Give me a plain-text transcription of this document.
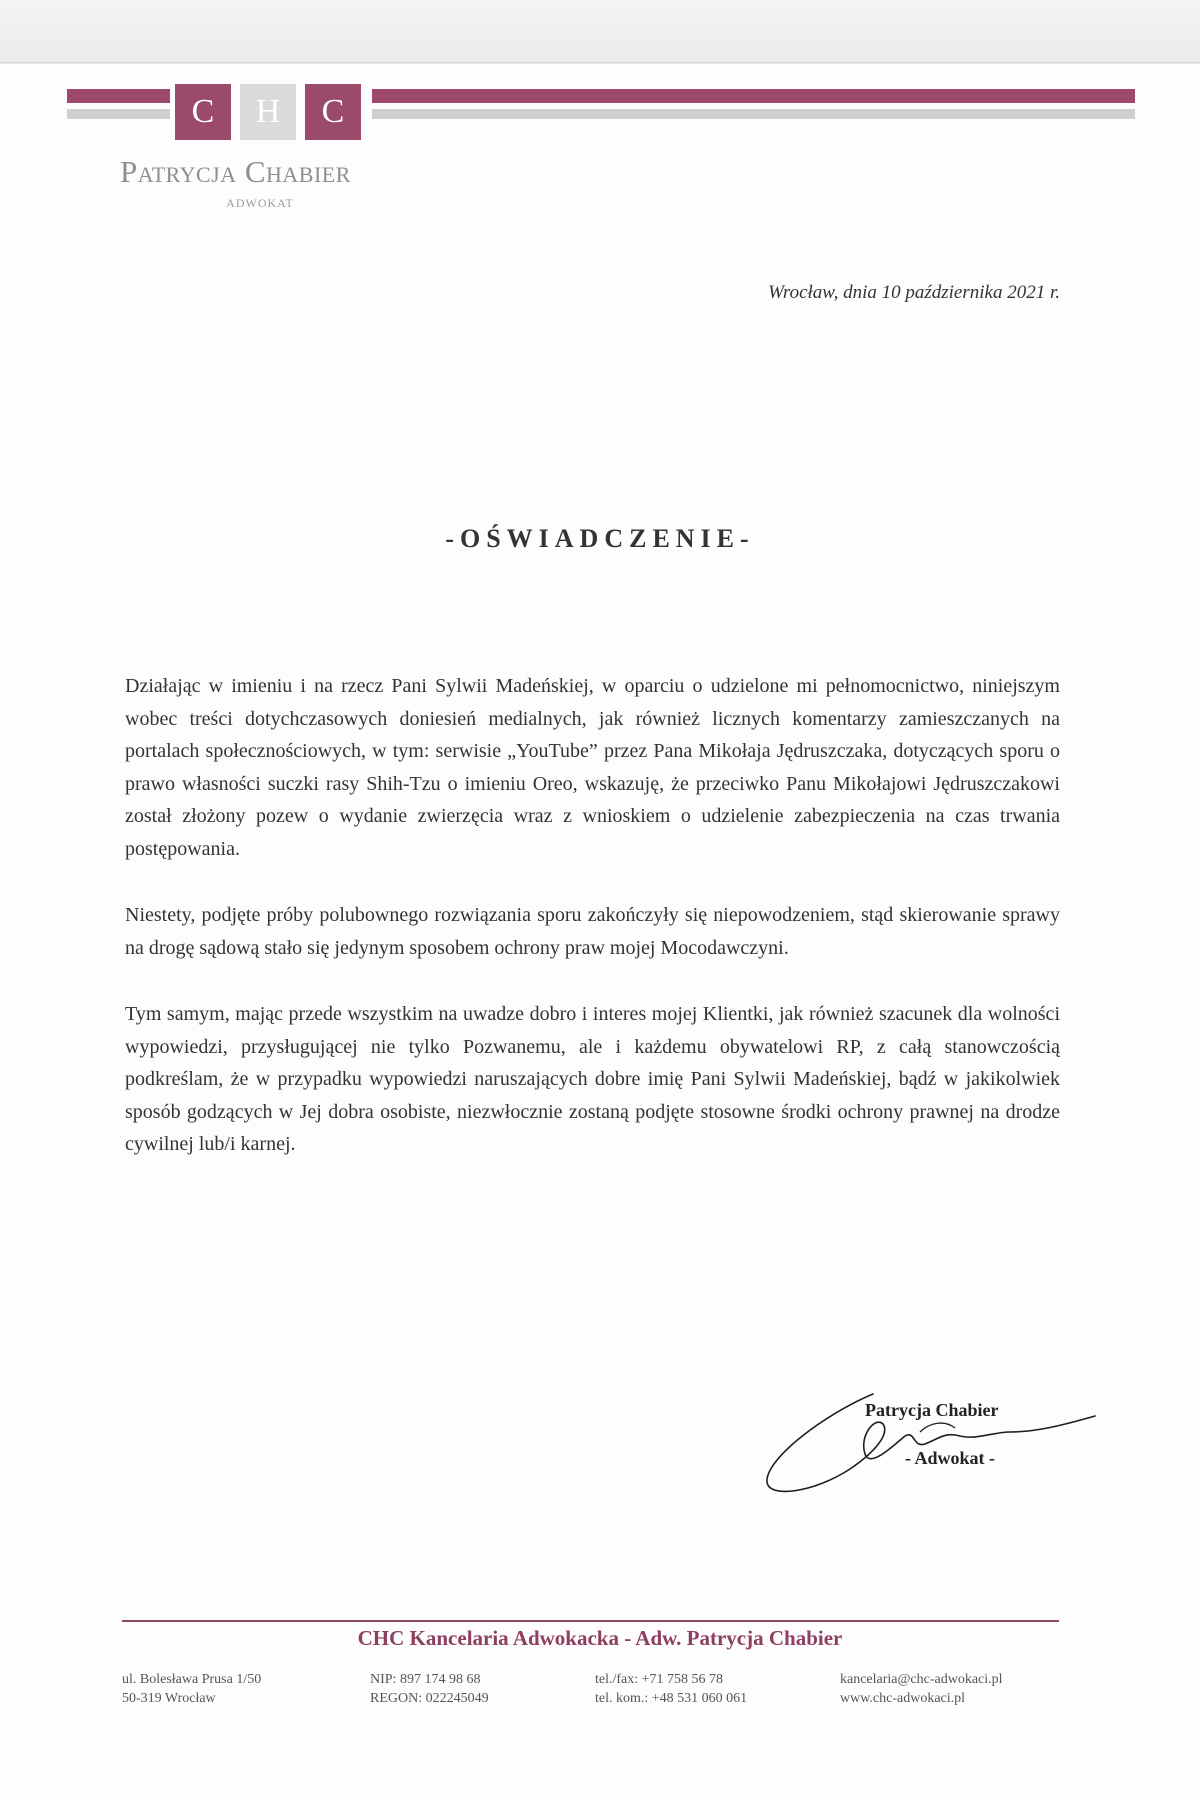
C	H	C
Patrycja Chabier
ADWOKAT
Wrocław, dnia 10 października 2021 r.
-OŚWIADCZENIE-

Działając w imieniu i na rzecz Pani Sylwii Madeńskiej, w oparciu o udzielone mi pełnomocnictwo, niniejszym wobec treści dotychczasowych doniesień medialnych, jak również licznych komentarzy zamieszczanych na portalach społecznościowych, w tym: serwisie „YouTube” przez Pana Mikołaja Jędruszczaka, dotyczących sporu o prawo własności suczki rasy Shih-Tzu o imieniu Oreo, wskazuję, że przeciwko Panu Mikołajowi Jędruszczakowi został złożony pozew o wydanie zwierzęcia wraz z wnioskiem o udzielenie zabezpieczenia na czas trwania postępowania.

Niestety, podjęte próby polubownego rozwiązania sporu zakończyły się niepowodzeniem, stąd skierowanie sprawy na drogę sądową stało się jedynym sposobem ochrony praw mojej Mocodawczyni.

Tym samym, mając przede wszystkim na uwadze dobro i interes mojej Klientki, jak również szacunek dla wolności wypowiedzi, przysługującej nie tylko Pozwanemu, ale i każdemu obywatelowi RP, z całą stanowczością podkreślam, że w przypadku wypowiedzi naruszających dobre imię Pani Sylwii Madeńskiej, bądź w jakikolwiek sposób godzących w Jej dobra osobiste, niezwłocznie zostaną podjęte stosowne środki ochrony prawnej na drodze cywilnej lub/i karnej.

Patrycja Chabier
- Adwokat -
CHC Kancelaria Adwokacka - Adw. Patrycja Chabier
ul. Bolesława Prusa 1/50
50-319 Wrocław
NIP: 897 174 98 68
REGON: 022245049
tel./fax: +71 758 56 78
tel. kom.: +48 531 060 061
kancelaria@chc-adwokaci.pl
www.chc-adwokaci.pl
